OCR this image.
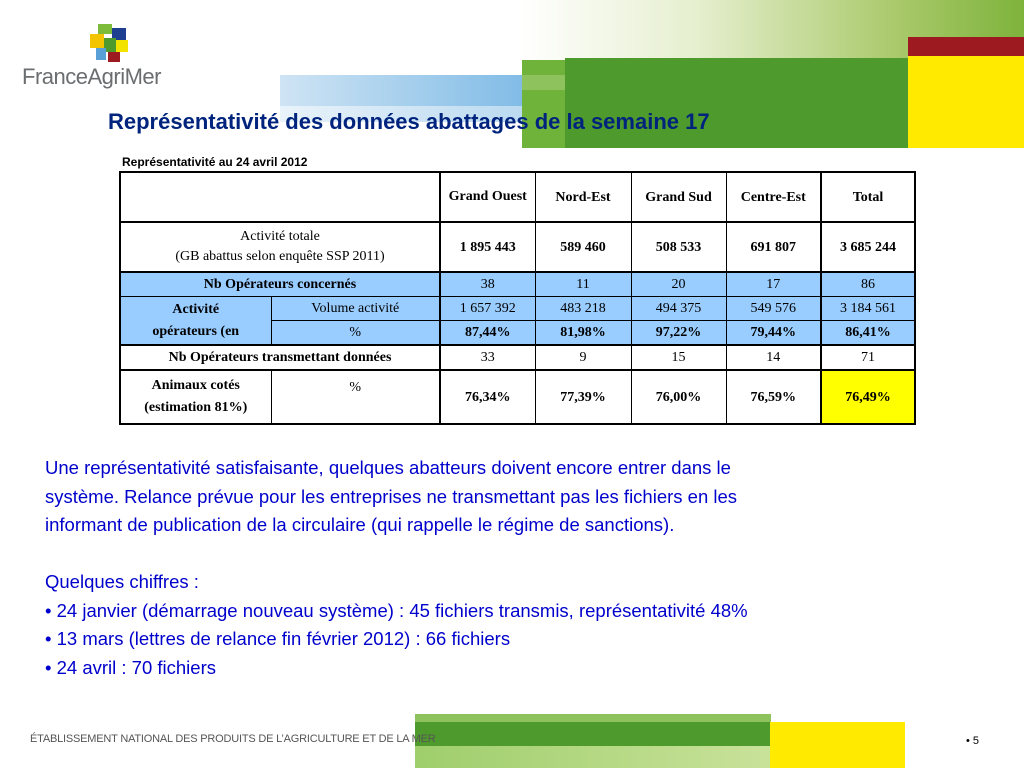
FranceAgriMer
Représentativité des données abattages de la semaine 17
Représentativité au 24 avril 2012
		Grand Ouest	Nord-Est	Grand Sud	Centre-Est	Total

Activité totale
(GB abattus selon enquête SSP 2011)		1 895 443	589 460	508 533	691 807	3 685 244
Nb Opérateurs concernés		38	11	20	17	86

Activité
opérateurs (en	Volume activité	1 657 392	483 218	494 375	549 576	3 184 561
	%	87,44%	81,98%	97,22%	79,44%	86,41%
Nb Opérateurs transmettant données		33	9	15	14	71

Animaux cotés
(estimation 81%)	%	76,34%	77,39%	76,00%	76,59%	76,49%

Une représentativité satisfaisante, quelques abatteurs doivent encore entrer dans le

système. Relance prévue pour les entreprises ne transmettant pas les fichiers en les

informant de publication de la circulaire (qui rappelle le régime de sanctions).

Quelques chiffres :

• 24 janvier (démarrage nouveau système) : 45 fichiers transmis, représentativité 48%

• 13 mars (lettres de relance fin février 2012) : 66 fichiers

• 24 avril : 70 fichiers

ÉTABLISSEMENT NATIONAL DES PRODUITS DE L’AGRICULTURE ET DE LA MER	• 5
